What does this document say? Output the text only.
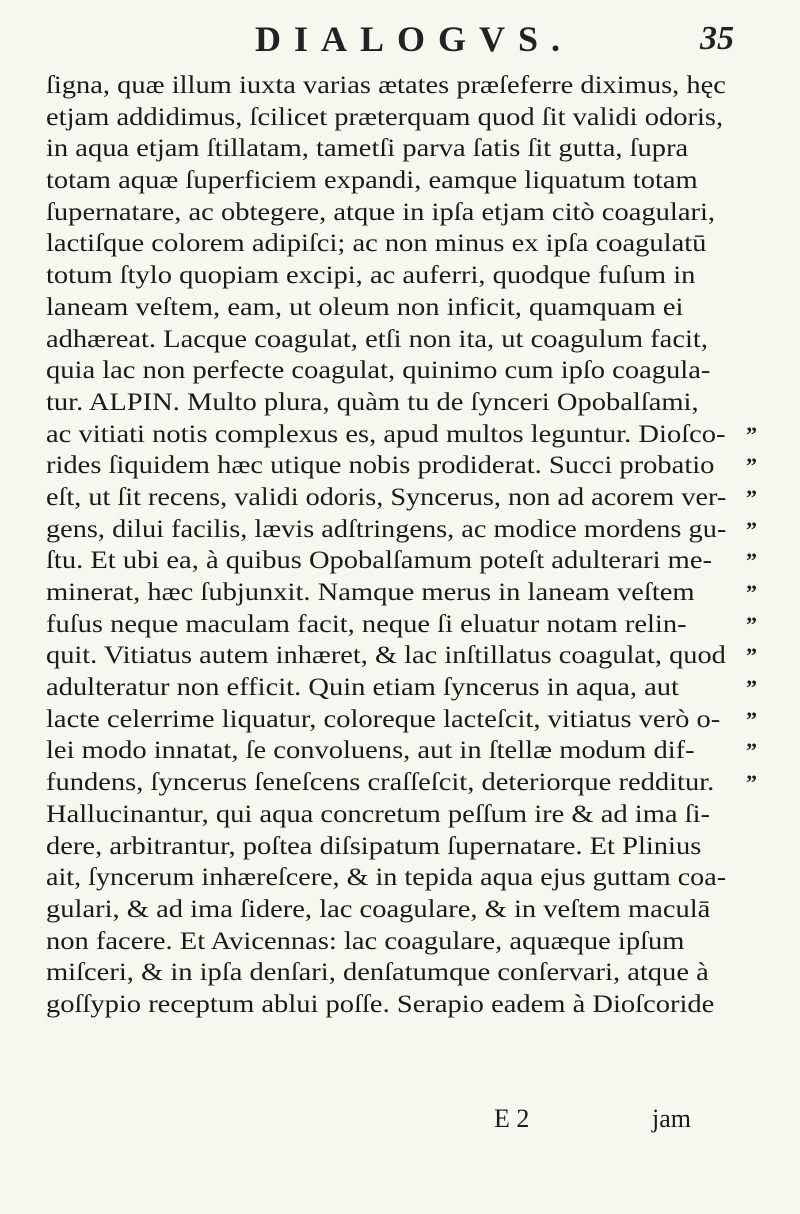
DIALOGVS.	35
ſigna, quæ illum iuxta varias ætates præſeferre diximus, hęc
etjam addidimus, ſcilicet præterquam quod ſit validi odoris,
in aqua etjam ſtillatam, tametſi parva ſatis ſit gutta, ſupra
totam aquæ ſuperficiem expandi, eamque liquatum totam
ſupernatare, ac obtegere, atque in ipſa etjam citò coagulari,
lactiſque colorem adipiſci; ac non minus ex ipſa coagulatū
totum ſtylo quopiam excipi, ac auferri, quodque fuſum in
laneam veſtem, eam, ut oleum non inficit, quamquam ei
adhæreat. Lacque coagulat, etſi non ita, ut coagulum facit,
quia lac non perfecte coagulat, quinimo cum ipſo coagula-
tur. ALPIN. Multo plura, quàm tu de ſynceri Opobalſami,
ac vitiati notis complexus es, apud multos leguntur. Dioſco- ”
rides ſiquidem hæc utique nobis prodiderat. Succi probatio ”
eſt, ut ſit recens, validi odoris, Syncerus, non ad acorem ver- ”
gens, dilui facilis, lævis adſtringens, ac modice mordens gu- ”
ſtu. Et ubi ea, à quibus Opobalſamum poteſt adulterari me- ”
minerat, hæc ſubjunxit. Namque merus in laneam veſtem ”
fuſus neque maculam facit, neque ſi eluatur notam relin-	”
quit. Vitiatus autem inhæret, & lac inſtillatus coagulat, quod ”
adulteratur non efficit. Quin etiam ſyncerus in aqua, aut	”
lacte celerrime liquatur, coloreque lacteſcit, vitiatus verò o- ”
lei modo innatat, ſe convoluens, aut in ſtellæ modum dif- ”
fundens, ſyncerus ſeneſcens craſſeſcit, deteriorque redditur. ”
Hallucinantur, qui aqua concretum peſſum ire & ad ima ſi-
dere, arbitrantur, poſtea diſsipatum ſupernatare. Et Plinius
ait, ſyncerum inhæreſcere, & in tepida aqua ejus guttam coa-
gulari, & ad ima ſidere, lac coagulare, & in veſtem maculā
non facere. Et Avicennas: lac coagulare, aquæque ipſum
miſceri, & in ipſa denſari, denſatumque conſervari, atque à
goſſypio receptum ablui poſſe. Serapio eadem à Dioſcoride
E 2	jam
